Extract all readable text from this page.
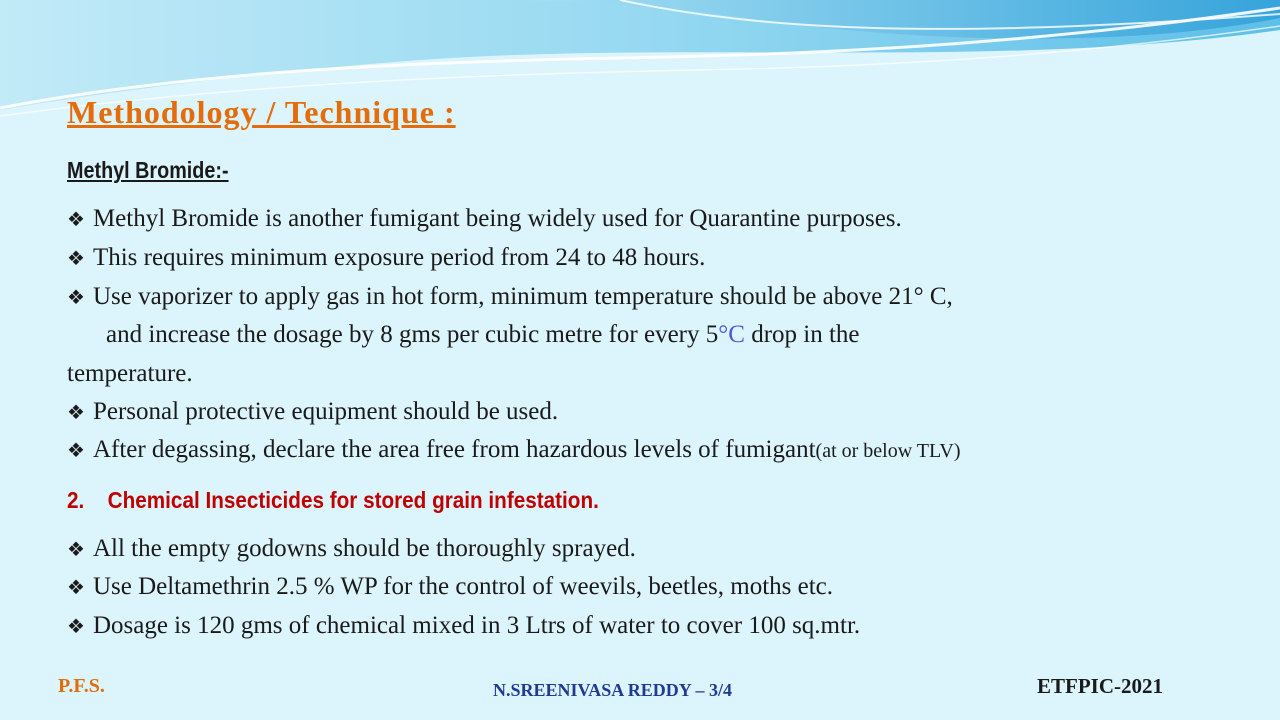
Methodology / Technique :
Methyl Bromide:-
❖ Methyl Bromide is another fumigant being widely used for Quarantine purposes.
❖ This requires minimum exposure period from 24 to 48 hours.
❖ Use vaporizer to apply gas in hot form, minimum temperature should be above 21° C,
and increase the dosage by 8 gms per cubic metre for every 5°C drop in the
temperature.
❖ Personal protective equipment should be used.
❖ After degassing, declare the area free from hazardous levels of fumigant(at or below TLV)
2. Chemical Insecticides for stored grain infestation.
❖ All the empty godowns should be thoroughly sprayed.
❖ Use Deltamethrin 2.5 % WP for the control of weevils, beetles, moths etc.
❖ Dosage is 120 gms of chemical mixed in 3 Ltrs of water to cover 100 sq.mtr.
P.F.S.	N.SREENIVASA REDDY – 3/4	ETFPIC-2021
